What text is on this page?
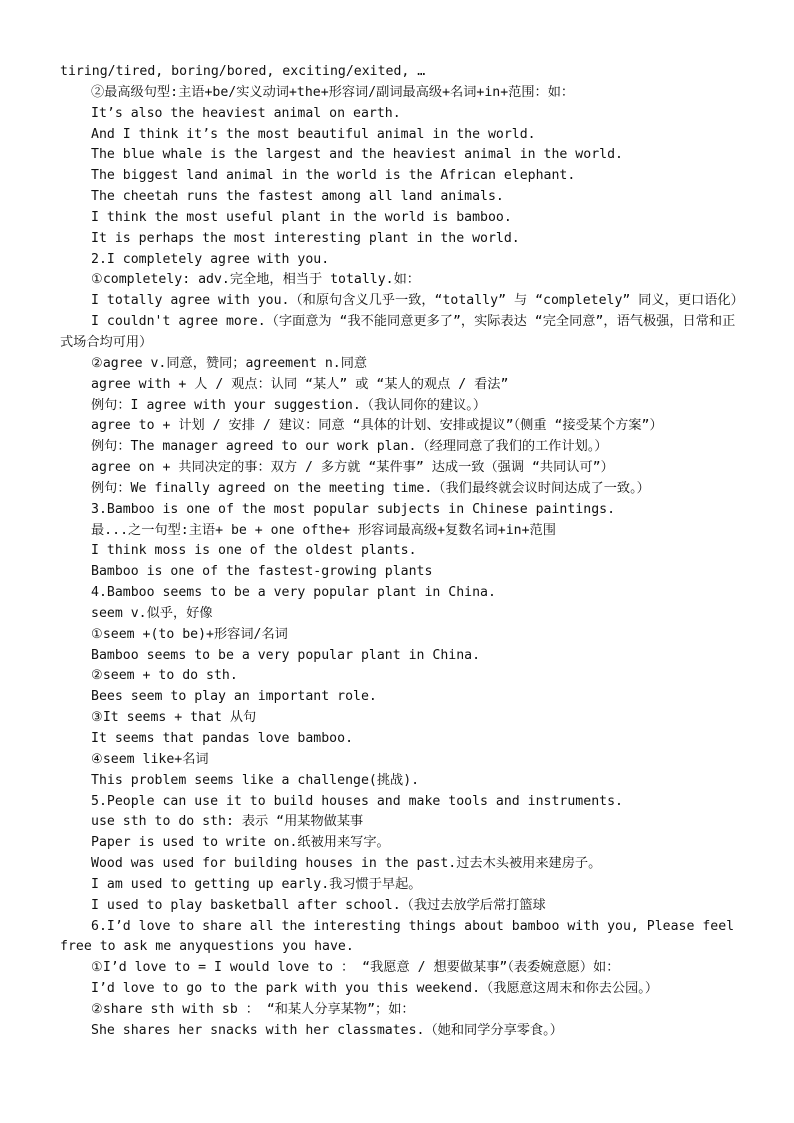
tiring/tired, boring/bored, exciting/exited, …
②最高级句型:主语+be/实义动词+the+形容词/副词最高级+名词+in+范围：如：
It’s also the heaviest animal on earth.
And I think it’s the most beautiful animal in the world.
The blue whale is the largest and the heaviest animal in the world.
The biggest land animal in the world is the African elephant.
The cheetah runs the fastest among all land animals.
I think the most useful plant in the world is bamboo.
It is perhaps the most interesting plant in the world.
2.I completely agree with you.
①completely: adv.完全地，相当于 totally.如：
I totally agree with you.（和原句含义几乎一致，“totally” 与 “completely” 同义，更口语化）
I couldn't agree more.（字面意为 “我不能同意更多了”，实际表达 “完全同意”，语气极强，日常和正式场合均可用）
②agree v.同意，赞同；agreement n.同意
agree with + 人 / 观点：认同 “某人” 或 “某人的观点 / 看法”
例句：I agree with your suggestion.（我认同你的建议。）
agree to + 计划 / 安排 / 建议：同意 “具体的计划、安排或提议”（侧重 “接受某个方案”）
例句：The manager agreed to our work plan.（经理同意了我们的工作计划。）
agree on + 共同决定的事：双方 / 多方就 “某件事” 达成一致（强调 “共同认可”）
例句：We finally agreed on the meeting time.（我们最终就会议时间达成了一致。）
3.Bamboo is one of the most popular subjects in Chinese paintings.
最...之一句型:主语+ be + one ofthe+ 形容词最高级+复数名词+in+范围
I think moss is one of the oldest plants.
Bamboo is one of the fastest-growing plants
4.Bamboo seems to be a very popular plant in China.
seem v.似乎，好像
①seem +(to be)+形容词/名词
Bamboo seems to be a very popular plant in China.
②seem + to do sth.
Bees seem to play an important role.
③It seems + that 从句
It seems that pandas love bamboo.
④seem like+名词
This problem seems like a challenge(挑战).
5.People can use it to build houses and make tools and instruments.
use sth to do sth: 表示 “用某物做某事
Paper is used to write on.纸被用来写字。
Wood was used for building houses in the past.过去木头被用来建房子。
I am used to getting up early.我习惯于早起。
I used to play basketball after school.（我过去放学后常打篮球
6.I’d love to share all the interesting things about bamboo with you, Please feel free to ask me anyquestions you have.
①I’d love to = I would love to ： “我愿意 / 想要做某事”（表委婉意愿）如：
I’d love to go to the park with you this weekend.（我愿意这周末和你去公园。）
②share sth with sb ： “和某人分享某物”；如：
She shares her snacks with her classmates.（她和同学分享零食。）
